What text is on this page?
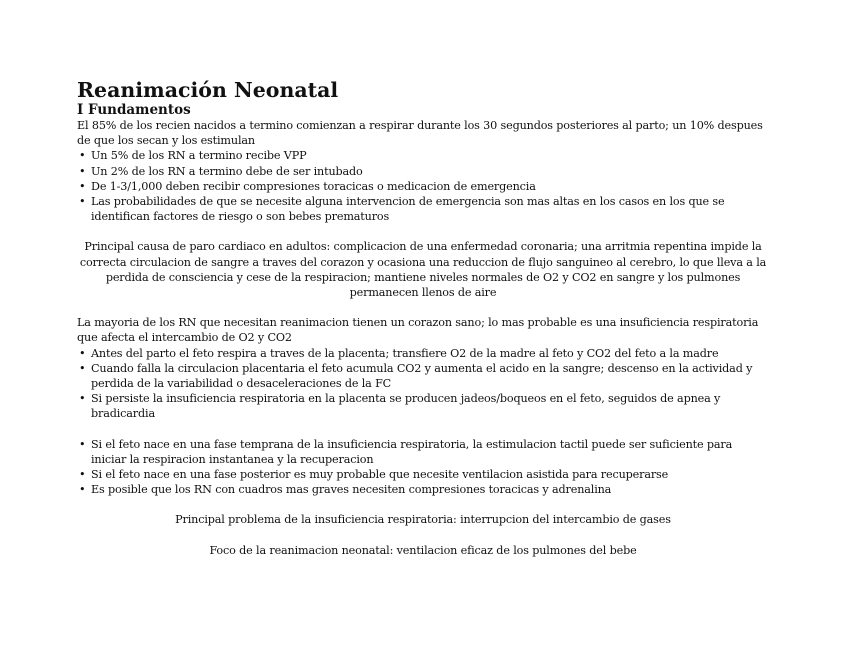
Reanimación Neonatal
I Fundamentos

El 85% de los recien nacidos a termino comienzan a respirar durante los 30 segundos posteriores al parto; un 10% despues de que los secan y los estimulan

• Un 5% de los RN a termino recibe VPP
• Un 2% de los RN a termino debe de ser intubado
• De 1-3/1,000 deben recibir compresiones toracicas o medicacion de emergencia
• Las probabilidades de que se necesite alguna intervencion de emergencia son mas altas en los casos en los que se identifican factores de riesgo o son bebes prematuros

Principal causa de paro cardiaco en adultos: complicacion de una enfermedad coronaria; una arritmia repentina impide la correcta circulacion de sangre a traves del corazon y ocasiona una reduccion de flujo sanguineo al cerebro, lo que lleva a la perdida de consciencia y cese de la respiracion; mantiene niveles normales de O2 y CO2 en sangre y los pulmones permanecen llenos de aire

La mayoria de los RN que necesitan reanimacion tienen un corazon sano; lo mas probable es una insuficiencia respiratoria que afecta el intercambio de O2 y CO2

• Antes del parto el feto respira a traves de la placenta; transfiere O2 de la madre al feto y CO2 del feto a la madre
• Cuando falla la circulacion placentaria el feto acumula CO2 y aumenta el acido en la sangre; descenso en la actividad y perdida de la variabilidad o desaceleraciones de la FC
• Si persiste la insuficiencia respiratoria en la placenta se producen jadeos/boqueos en el feto, seguidos de apnea y bradicardia
• Si el feto nace en una fase temprana de la insuficiencia respiratoria, la estimulacion tactil puede ser suficiente para iniciar la respiracion instantanea y la recuperacion
• Si el feto nace en una fase posterior es muy probable que necesite ventilacion asistida para recuperarse
• Es posible que los RN con cuadros mas graves necesiten compresiones toracicas y adrenalina

Principal problema de la insuficiencia respiratoria: interrupcion del intercambio de gases

Foco de la reanimacion neonatal: ventilacion eficaz de los pulmones del bebe
